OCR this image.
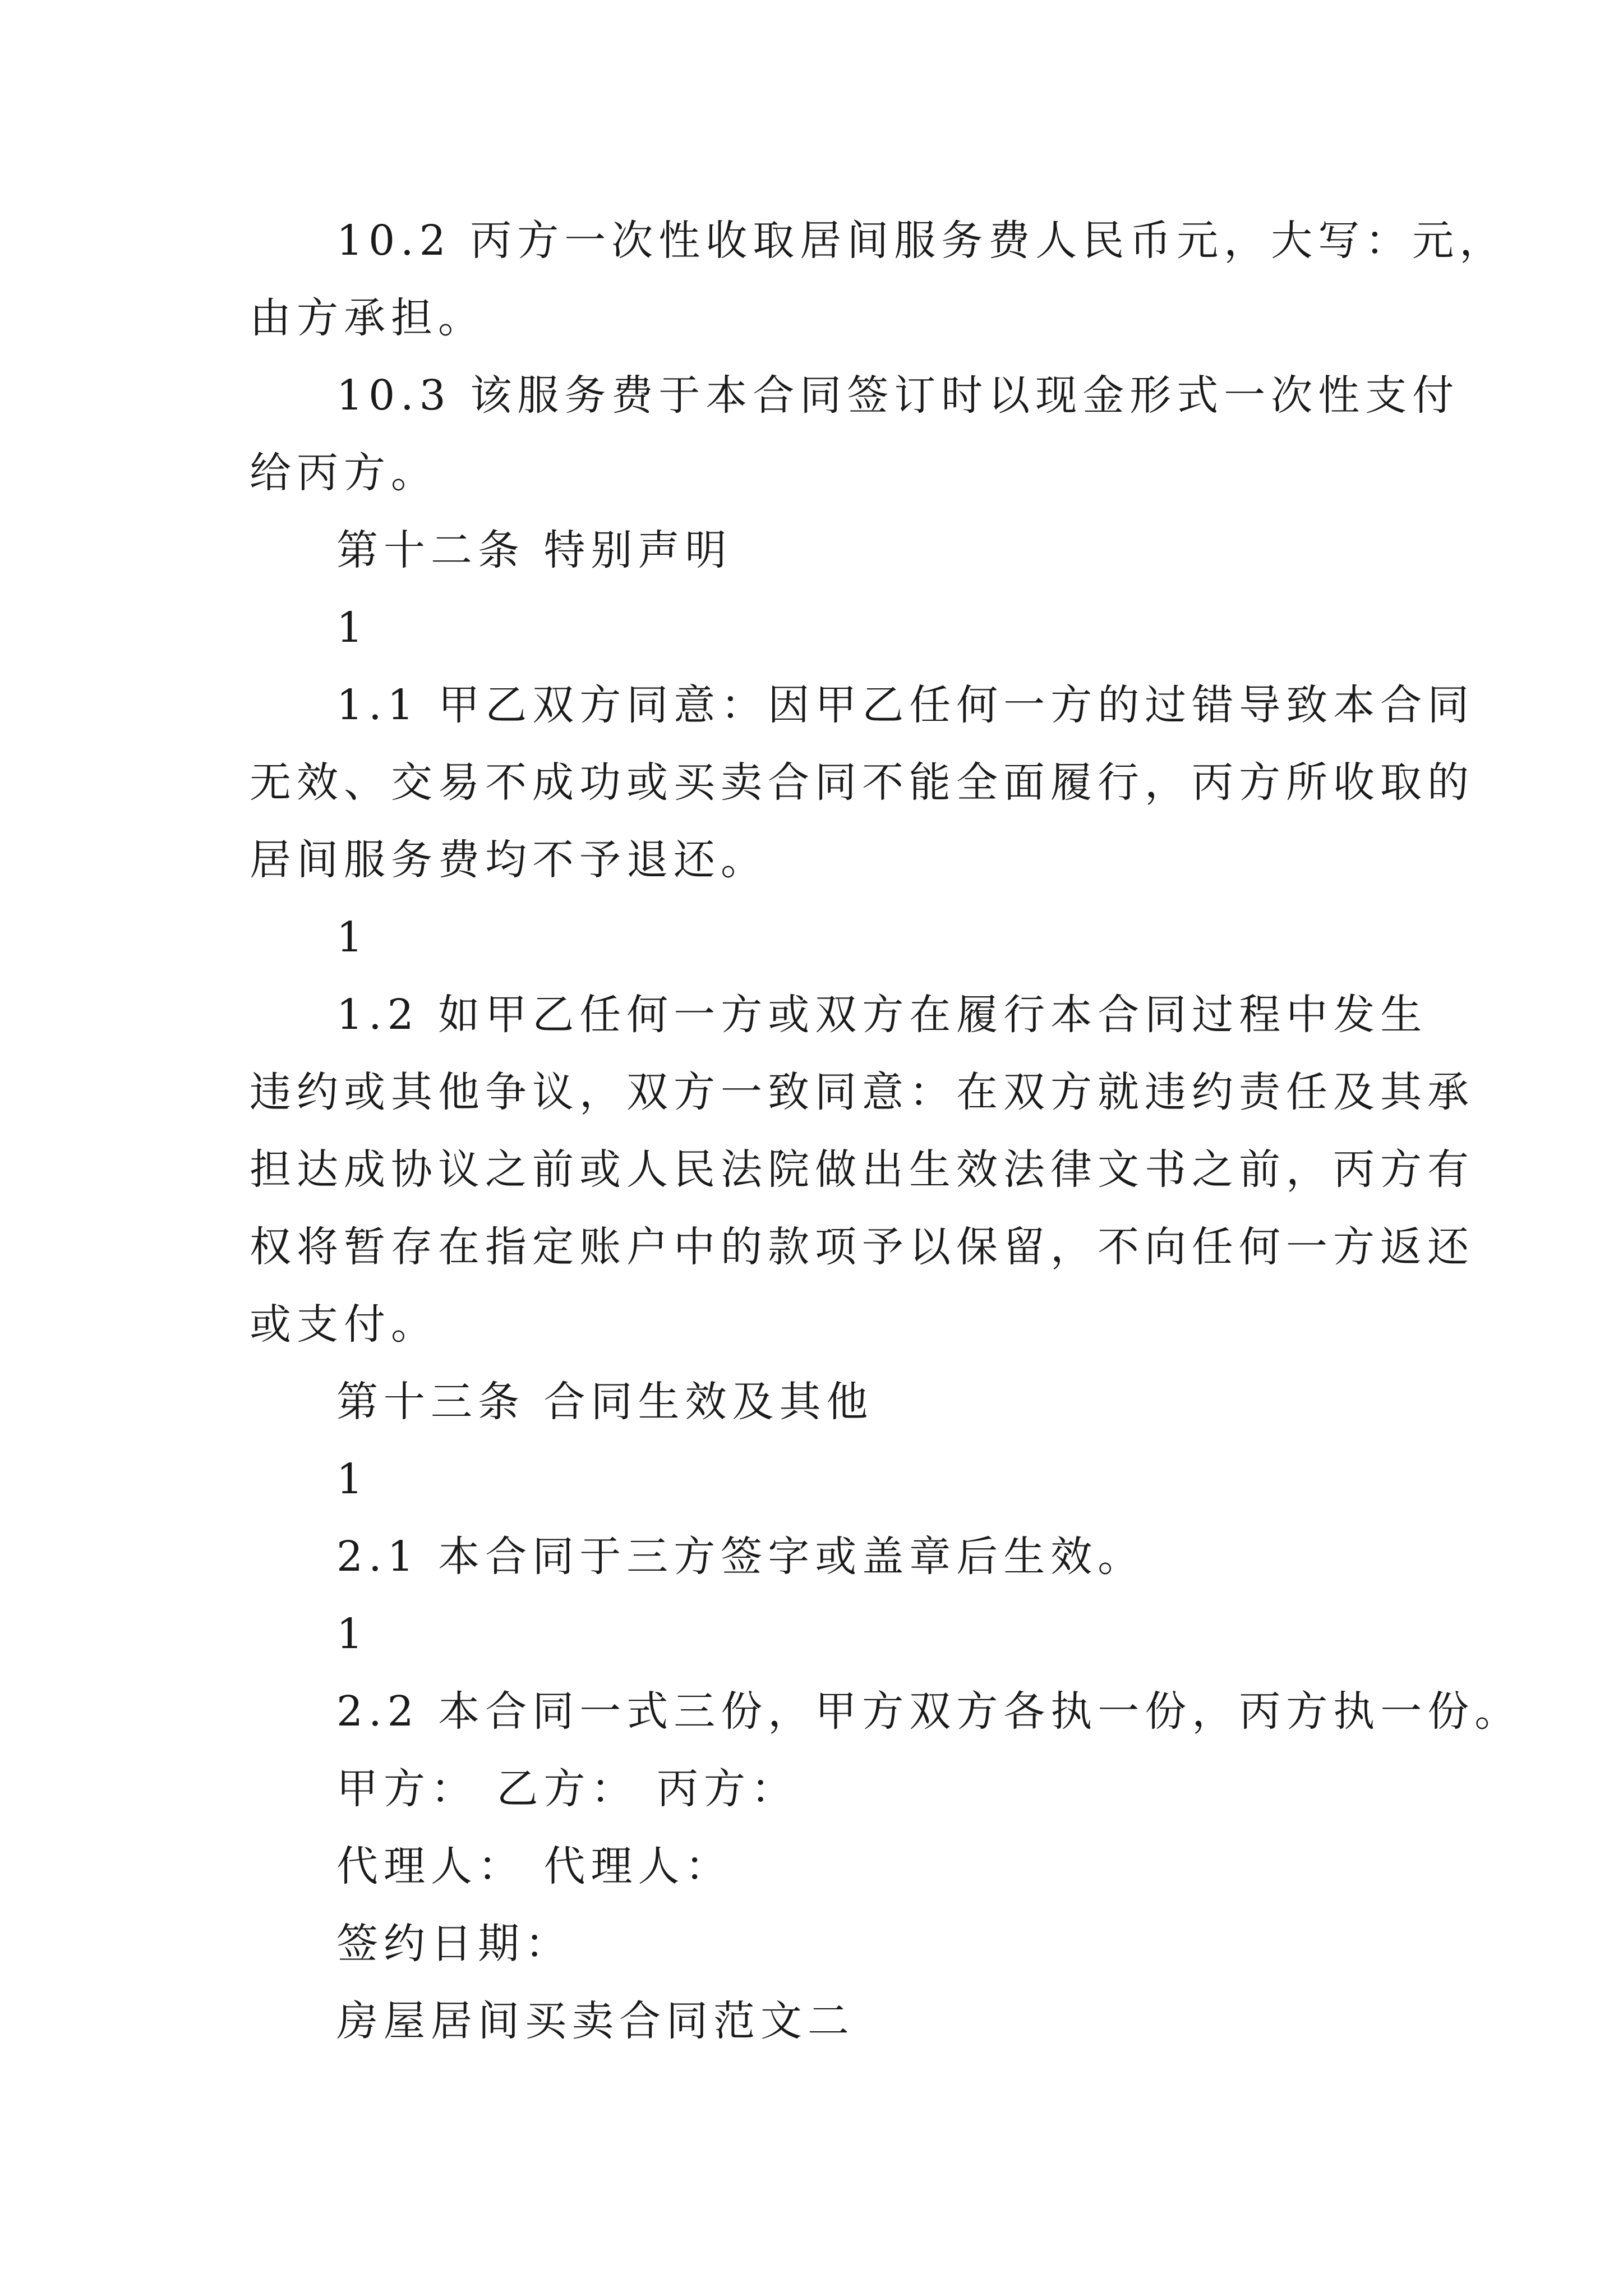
10.2 丙方一次性收取居间服务费人民币元，大写：元，
由方承担。
10.3 该服务费于本合同签订时以现金形式一次性支付
给丙方。
第十二条 特别声明
1
1.1 甲乙双方同意：因甲乙任何一方的过错导致本合同
无效、交易不成功或买卖合同不能全面履行，丙方所收取的
居间服务费均不予退还。
1
1.2 如甲乙任何一方或双方在履行本合同过程中发生
违约或其他争议，双方一致同意：在双方就违约责任及其承
担达成协议之前或人民法院做出生效法律文书之前，丙方有
权将暂存在指定账户中的款项予以保留，不向任何一方返还
或支付。
第十三条 合同生效及其他
1
2.1 本合同于三方签字或盖章后生效。
1
2.2 本合同一式三份，甲方双方各执一份，丙方执一份。
甲方： 乙方： 丙方：
代理人： 代理人：
签约日期：
房屋居间买卖合同范文二
